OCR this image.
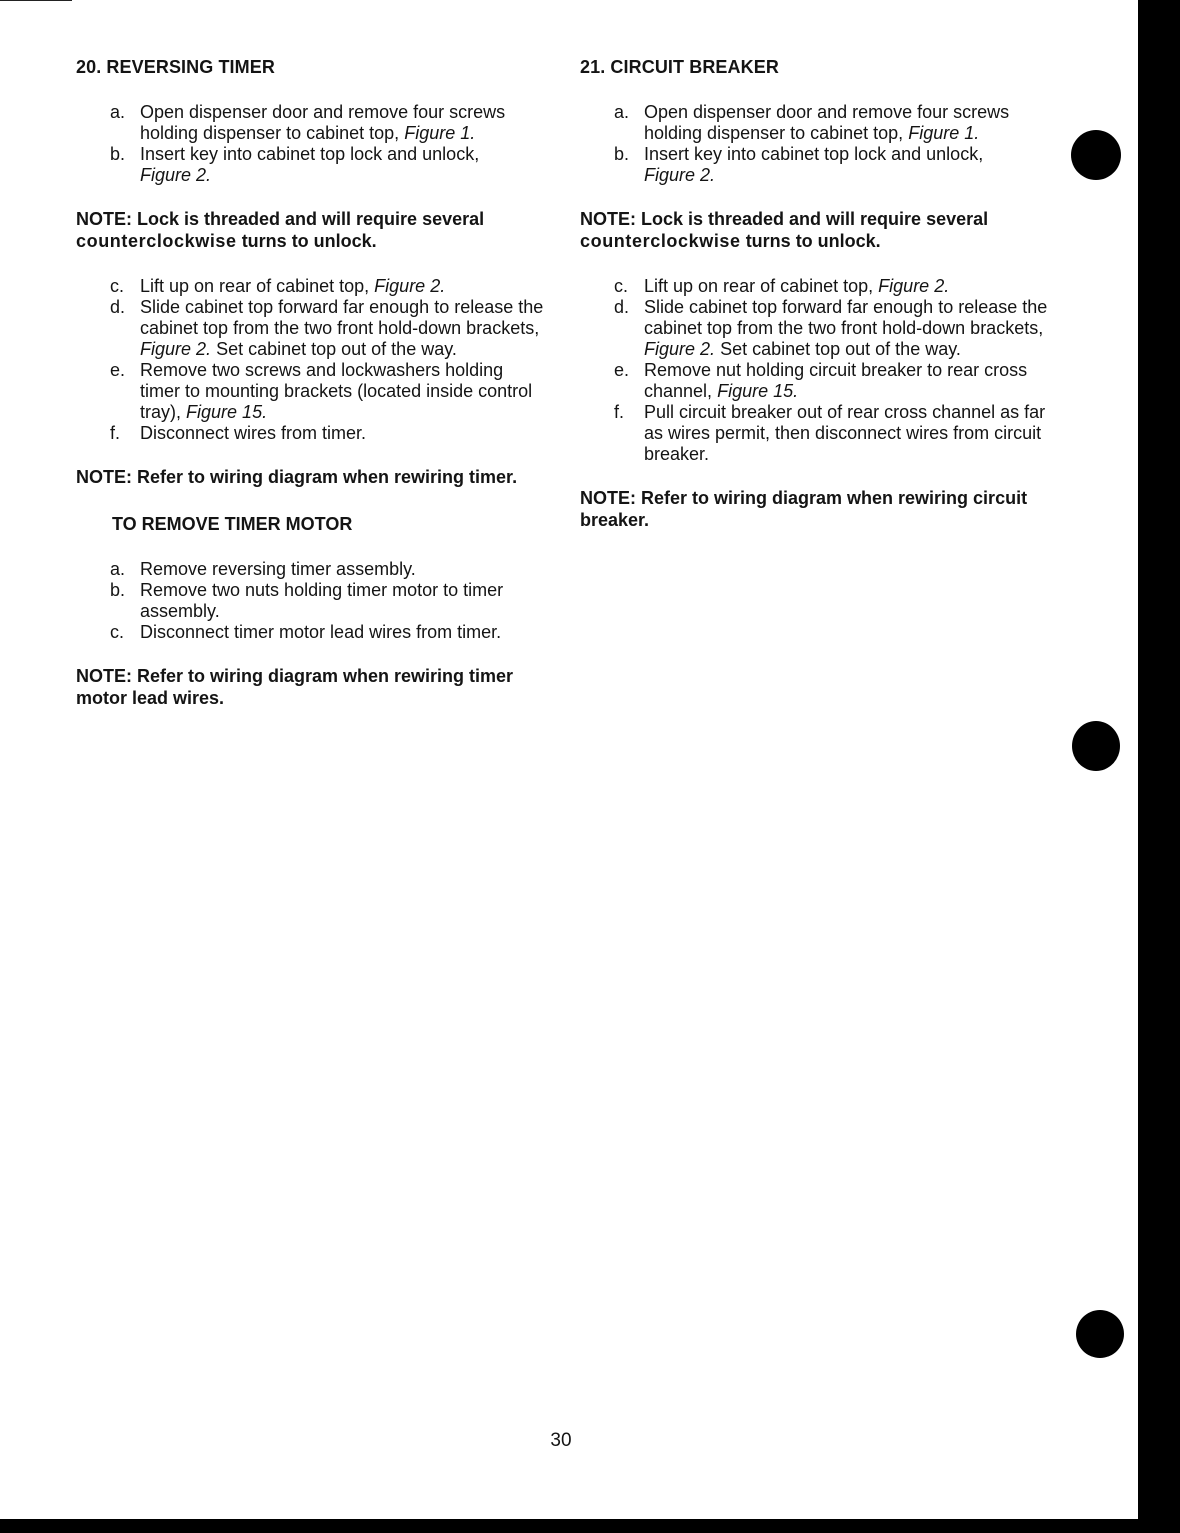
20. REVERSING TIMER
a. Open dispenser door and remove four screws holding dispenser to cabinet top, Figure 1.
b. Insert key into cabinet top lock and unlock,
Figure 2.

NOTE: Lock is threaded and will require several
counterclockwise turns to unlock.

c. Lift up on rear of cabinet top, Figure 2.
d. Slide cabinet top forward far enough to release the cabinet top from the two front hold-down brackets, Figure 2. Set cabinet top out of the way.
e. Remove two screws and lockwashers holding timer to mounting brackets (located inside control tray), Figure 15.
f. Disconnect wires from timer.

NOTE: Refer to wiring diagram when rewiring timer.

TO REMOVE TIMER MOTOR
a. Remove reversing timer assembly.
b. Remove two nuts holding timer motor to timer assembly.
c. Disconnect timer motor lead wires from timer.

NOTE: Refer to wiring diagram when rewiring timer motor lead wires.

21. CIRCUIT BREAKER
a. Open dispenser door and remove four screws holding dispenser to cabinet top, Figure 1.
b. Insert key into cabinet top lock and unlock,
Figure 2.

NOTE: Lock is threaded and will require several
counterclockwise turns to unlock.

c. Lift up on rear of cabinet top, Figure 2.
d. Slide cabinet top forward far enough to release the cabinet top from the two front hold-down brackets, Figure 2. Set cabinet top out of the way.
e. Remove nut holding circuit breaker to rear cross channel, Figure 15.
f. Pull circuit breaker out of rear cross channel as far as wires permit, then disconnect wires from circuit breaker.

NOTE: Refer to wiring diagram when rewiring circuit breaker.

30
